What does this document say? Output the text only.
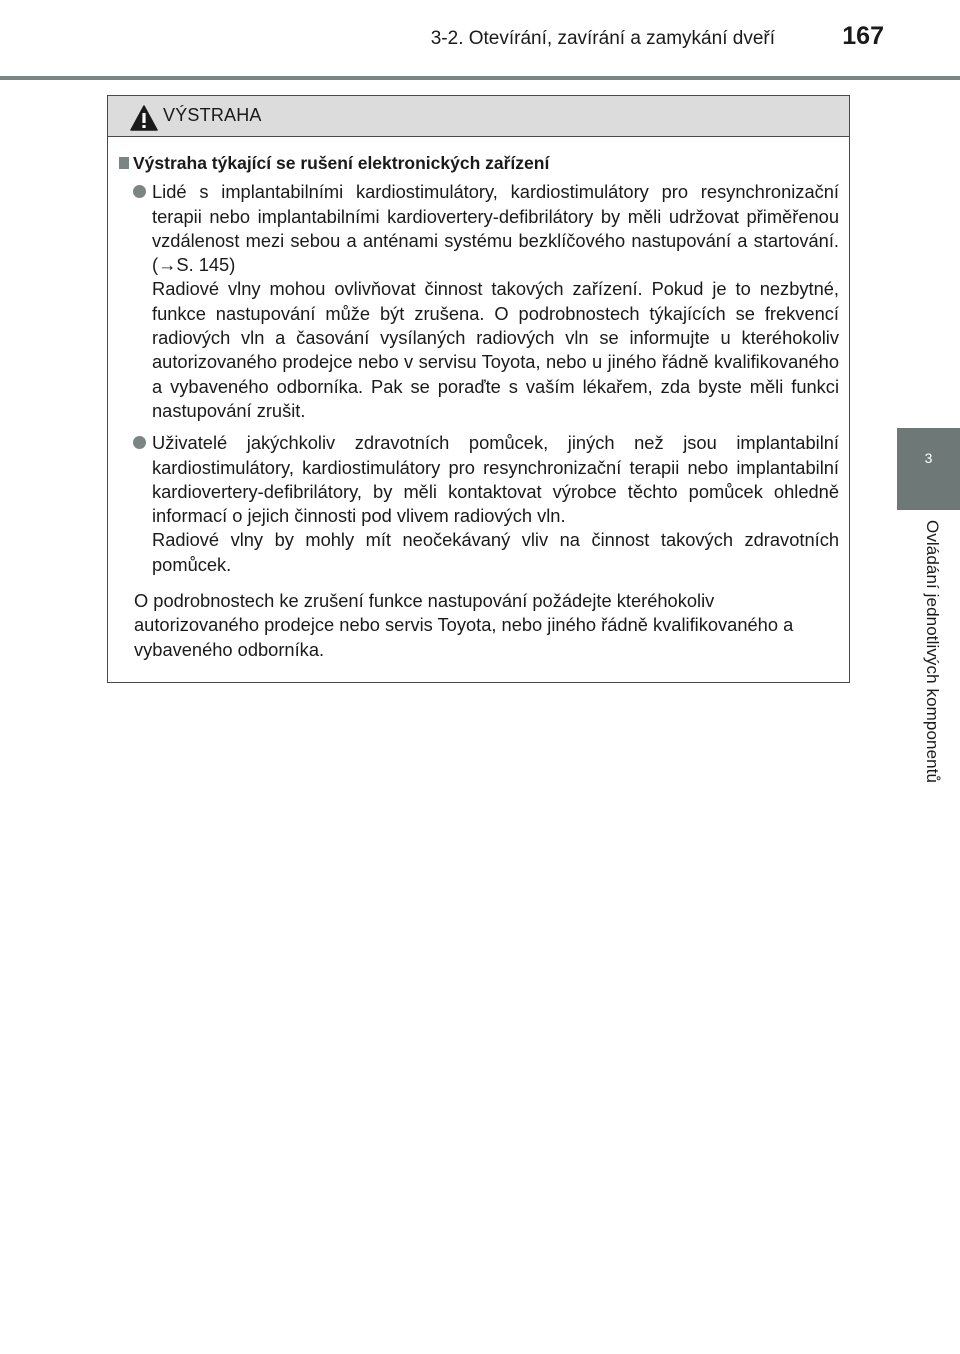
3-2. Otevírání, zavírání a zamykání dveří	167
3
Ovládání jednotlivých komponentů
VÝSTRAHA
Výstraha týkající se rušení elektronických zařízení
Lidé s implantabilními kardiostimulátory, kardiostimulátory pro resynchronizační terapii nebo implantabilními kardiovertery-defibrilátory by měli udržovat přiměřenou vzdálenost mezi sebou a anténami systému bezklíčového nastupování a startování. (→S. 145)
Radiové vlny mohou ovlivňovat činnost takových zařízení. Pokud je to nezbytné, funkce nastupování může být zrušena. O podrobnostech týkajících se frekvencí radiových vln a časování vysílaných radiových vln se informujte u kteréhokoliv autorizovaného prodejce nebo v servisu Toyota, nebo u jiného řádně kvalifikovaného a vybaveného odborníka. Pak se poraďte s vaším lékařem, zda byste měli funkci nastupování zrušit.
Uživatelé jakýchkoliv zdravotních pomůcek, jiných než jsou implantabilní kardiostimulátory, kardiostimulátory pro resynchronizační terapii nebo implantabilní kardiovertery-defibrilátory, by měli kontaktovat výrobce těchto pomůcek ohledně informací o jejich činnosti pod vlivem radiových vln.
Radiové vlny by mohly mít neočekávaný vliv na činnost takových zdravotních pomůcek.
O podrobnostech ke zrušení funkce nastupování požádejte kteréhokoliv autorizovaného prodejce nebo servis Toyota, nebo jiného řádně kvalifikovaného a vybaveného odborníka.
